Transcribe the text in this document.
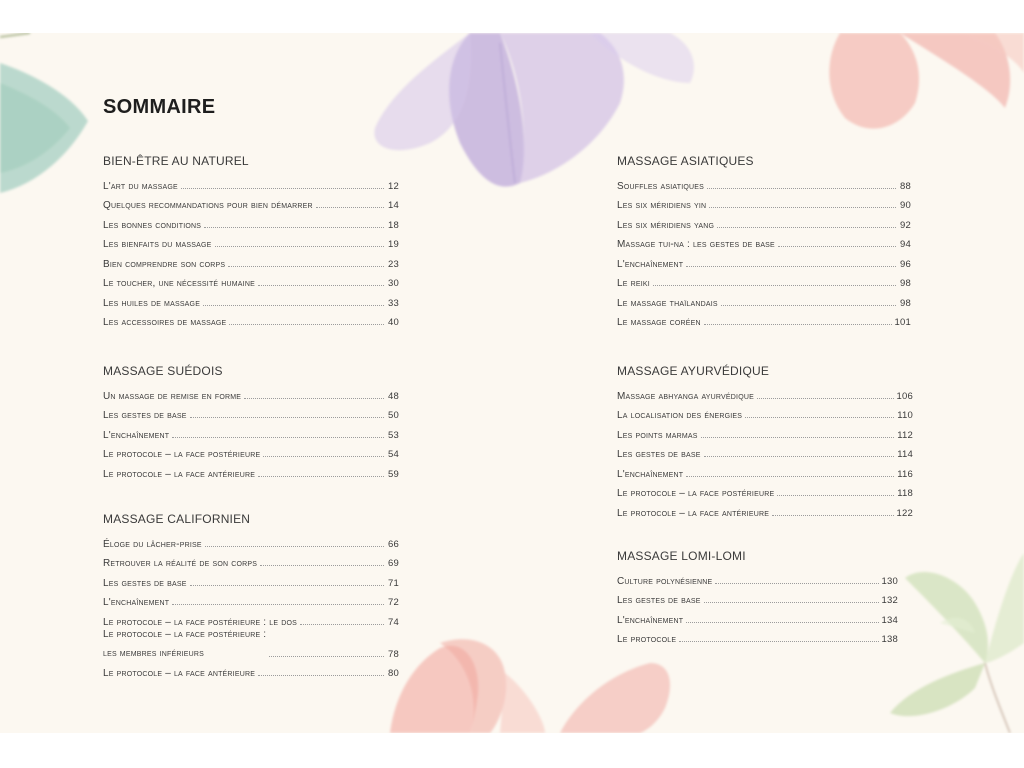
SOMMAIRE
BIEN-ÊTRE AU NATUREL
L'art du massage	12
Quelques recommandations pour bien démarrer	14
Les bonnes conditions	18
Les bienfaits du massage	19
Bien comprendre son corps	23
Le toucher, une nécessité humaine	30
Les huiles de massage	33
Les accessoires de massage	40
MASSAGE SUÉDOIS
Un massage de remise en forme	48
Les gestes de base	50
L'enchaînement	53
Le protocole – la face postérieure	54
Le protocole – la face antérieure	59
MASSAGE CALIFORNIEN
Éloge du lâcher-prise	66
Retrouver la réalité de son corps	69
Les gestes de base	71
L'enchaînement	72
Le protocole – la face postérieure : le dos	74
Le protocole – la face postérieure :
les membres inférieurs	78
Le protocole – la face antérieure	80
MASSAGE ASIATIQUES
Souffles asiatiques	88
Les six méridiens yin	90
Les six méridiens yang	92
Massage tui-na : les gestes de base	94
L'enchaînement	96
Le reiki	98
Le massage thaïlandais	98
Le massage coréen	101
MASSAGE AYURVÉDIQUE
Massage abhyanga ayurvédique	106
La localisation des énergies	110
Les points marmas	112
Les gestes de base	114
L'enchaînement	116
Le protocole – la face postérieure	118
Le protocole – la face antérieure	122
MASSAGE LOMI-LOMI
Culture polynésienne	130
Les gestes de base	132
L'enchaînement	134
Le protocole	138
